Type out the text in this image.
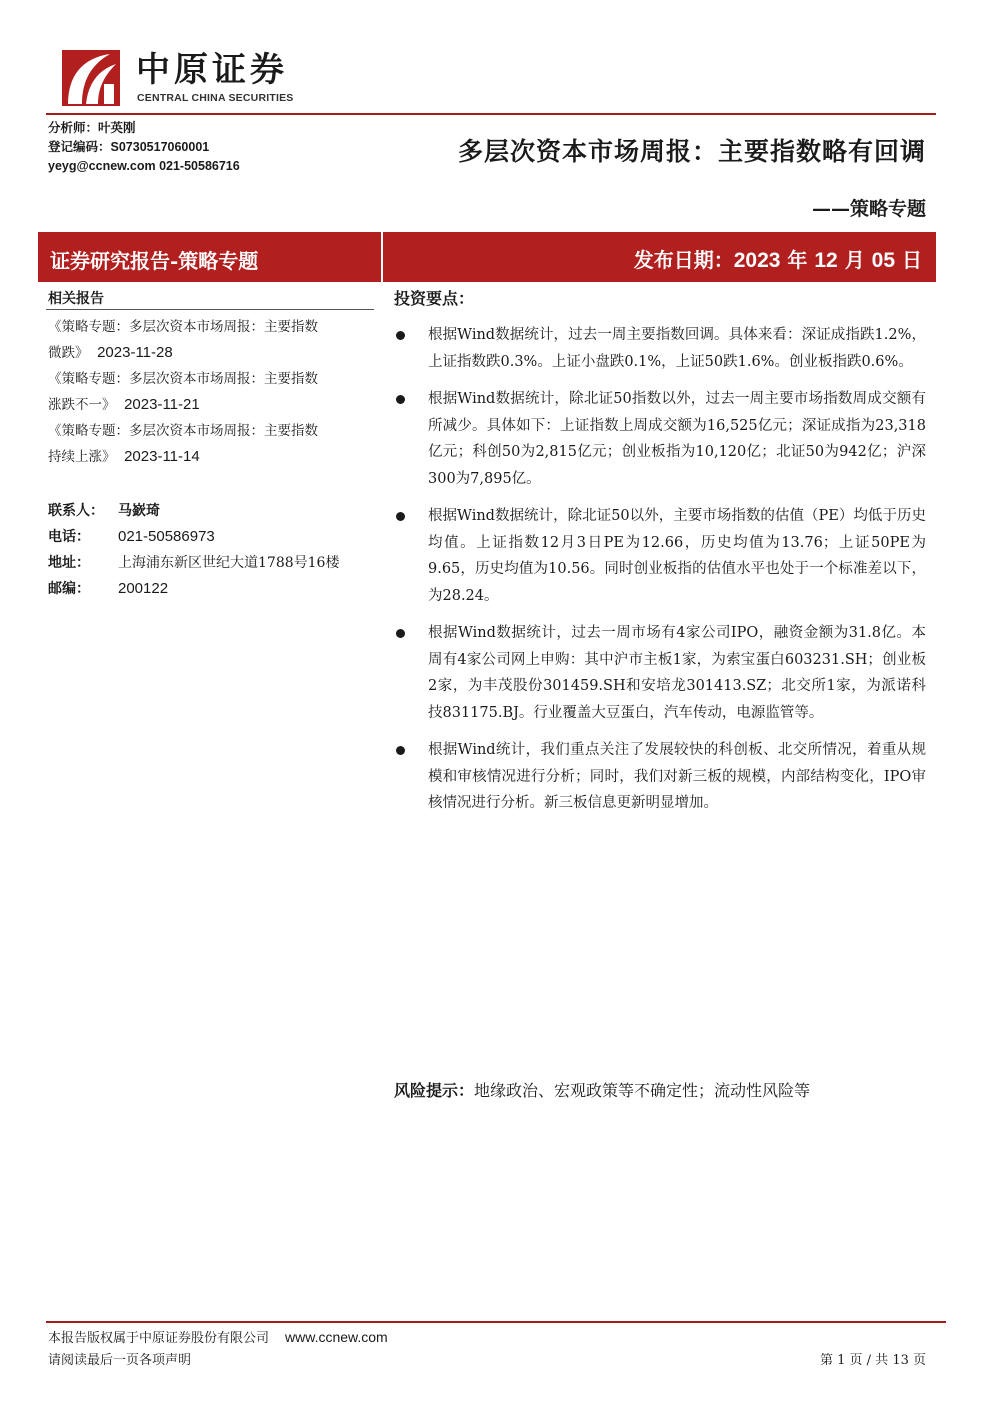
中原证券
CENTRAL CHINA SECURITIES
分析师：叶英刚
登记编码：S0730517060001
yeyg@ccnew.com 021-50586716	多层次资本市场周报：主要指数略有回调
——策略专题
证券研究报告-策略专题	发布日期：2023 年 12 月 05 日
相关报告
《策略专题：多层次资本市场周报：主要指数
微跌》 2023-11-28
《策略专题：多层次资本市场周报：主要指数
涨跌不一》 2023-11-21
《策略专题：多层次资本市场周报：主要指数
持续上涨》 2023-11-14
联系人： 马嶔琦
电话： 021-50586973
地址： 上海浦东新区世纪大道1788号16楼
邮编： 200122
投资要点：
根据Wind数据统计，过去一周主要指数回调。具体来看：深证成指跌1.2%，上证指数跌0.3%。上证小盘跌0.1%，上证50跌1.6%。创业板指跌0.6%。
根据Wind数据统计，除北证50指数以外，过去一周主要市场指数周成交额有所减少。具体如下：上证指数上周成交额为16,525亿元；深证成指为23,318亿元；科创50为2,815亿元；创业板指为10,120亿；北证50为942亿；沪深300为7,895亿。
根据Wind数据统计，除北证50以外，主要市场指数的估值（PE）均低于历史均值。上证指数12月3日PE为12.66，历史均值为13.76；上证50PE为9.65，历史均值为10.56。同时创业板指的估值水平也处于一个标准差以下，为28.24。
根据Wind数据统计，过去一周市场有4家公司IPO，融资金额为31.8亿。本周有4家公司网上申购：其中沪市主板1家，为索宝蛋白603231.SH；创业板2家，为丰茂股份301459.SH和安培龙301413.SZ；北交所1家，为派诺科技831175.BJ。行业覆盖大豆蛋白，汽车传动，电源监管等。
根据Wind统计，我们重点关注了发展较快的科创板、北交所情况，着重从规模和审核情况进行分析；同时，我们对新三板的规模，内部结构变化，IPO审核情况进行分析。新三板信息更新明显增加。
风险提示：地缘政治、宏观政策等不确定性；流动性风险等
本报告版权属于中原证券股份有限公司 www.ccnew.com
请阅读最后一页各项声明	第 1 页 / 共 13 页
